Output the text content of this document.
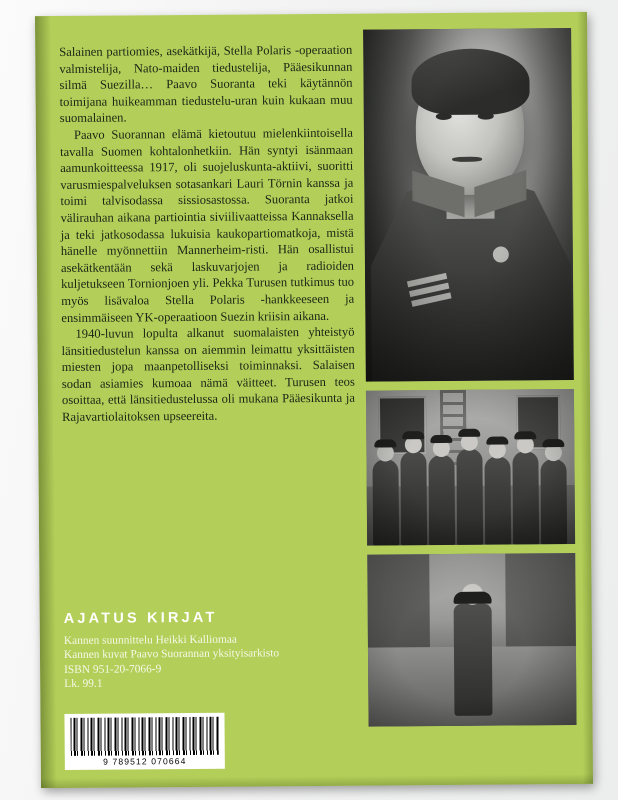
Salainen partiomies, asekätkijä, Stella Polaris -operaation valmistelija, Nato-maiden tiedustelija, Pääesikunnan silmä Suezilla… Paavo Suoranta teki käytännön toimijana huikeamman tiedustelu-uran kuin kukaan muu suomalainen.

Paavo Suorannan elämä kietoutuu mielenkiintoisella tavalla Suomen kohtalonhetkiin. Hän syntyi isänmaan aamunkoitteessa 1917, oli suojeluskunta-aktiivi, suoritti varusmiespalveluksen sotasankari Lauri Törnin kanssa ja toimi talvisodassa sissiosastossa. Suoranta jatkoi välirauhan aikana partiointia siviilivaatteissa Kannaksella ja teki jatkosodassa lukuisia kaukopartiomatkoja, mistä hänelle myönnettiin Mannerheim-risti. Hän osallistui asekätkentään sekä laskuvarjojen ja radioiden kuljetukseen Tornionjoen yli. Pekka Turusen tutkimus tuo myös lisävaloa Stella Polaris -hankkeeseen ja ensimmäiseen YK-operaatioon Suezin kriisin aikana.

1940-luvun lopulta alkanut suomalaisten yhteistyö länsitiedustelun kanssa on aiemmin leimattu yksittäisten miesten jopa maanpetolliseksi toiminnaksi. Salaisen sodan asiamies kumoaa nämä väitteet. Turusen teos osoittaa, että länsitiedustelussa oli mukana Pääesikunta ja Rajavartiolaitoksen upseereita.

AJATUS KIRJAT
Kannen suunnittelu Heikki Kalliomaa
Kannen kuvat Paavo Suorannan yksityisarkisto
ISBN 951-20-7066-9
Lk. 99.1
9 789512 070664
